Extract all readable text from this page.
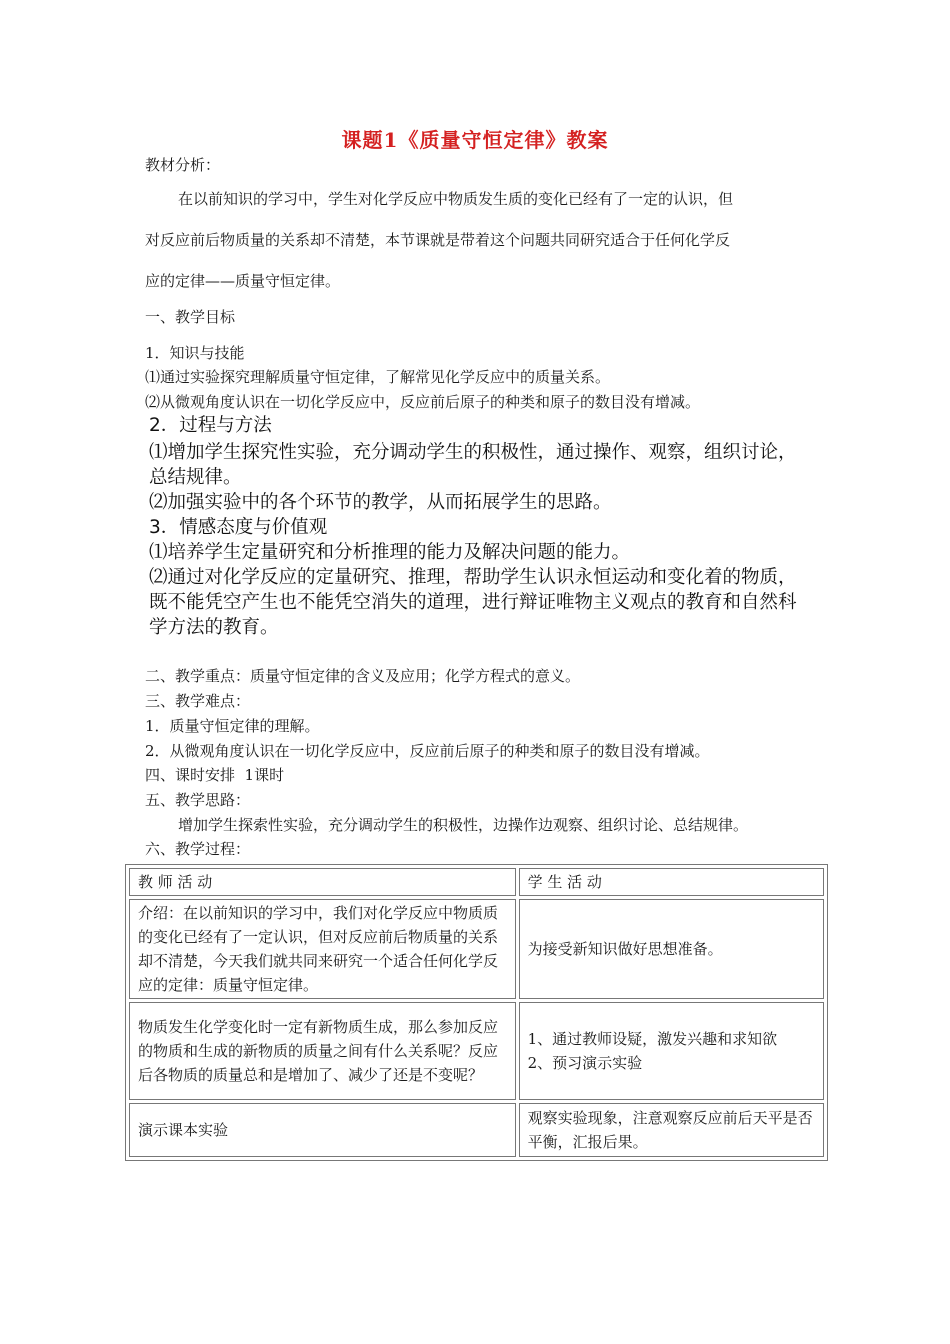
课题1《质量守恒定律》教案
教材分析：
在以前知识的学习中，学生对化学反应中物质发生质的变化已经有了一定的认识，但
对反应前后物质量的关系却不清楚，本节课就是带着这个问题共同研究适合于任何化学反
应的定律——质量守恒定律。
一、教学目标
1．知识与技能
⑴通过实验探究理解质量守恒定律，了解常见化学反应中的质量关系。
⑵从微观角度认识在一切化学反应中，反应前后原子的种类和原子的数目没有增减。
2．过程与方法
⑴增加学生探究性实验，充分调动学生的积极性，通过操作、观察，组织讨论，
总结规律。
⑵加强实验中的各个环节的教学，从而拓展学生的思路。
3．情感态度与价值观
⑴培养学生定量研究和分析推理的能力及解决问题的能力。
⑵通过对化学反应的定量研究、推理，帮助学生认识永恒运动和变化着的物质，
既不能凭空产生也不能凭空消失的道理，进行辩证唯物主义观点的教育和自然科
学方法的教育。
二、教学重点：质量守恒定律的含义及应用；化学方程式的意义。
三、教学难点：
1．质量守恒定律的理解。
2．从微观角度认识在一切化学反应中，反应前后原子的种类和原子的数目没有增减。
四、课时安排  1课时
五、教学思路：
增加学生探索性实验，充分调动学生的积极性，边操作边观察、组织讨论、总结规律。
六、教学过程：
教 师 活 动	学 生 活 动
介绍：在以前知识的学习中，我们对化学反应中物质质的变化已经有了一定认识，但对反应前后物质量的关系却不清楚，今天我们就共同来研究一个适合任何化学反应的定律：质量守恒定律。	为接受新知识做好思想准备。
物质发生化学变化时一定有新物质生成，那么参加反应的物质和生成的新物质的质量之间有什么关系呢？反应后各物质的质量总和是增加了、减少了还是不变呢？	1、通过教师设疑，激发兴趣和求知欲
2、预习演示实验

演示课本实验	观察实验现象，注意观察反应前后天平是否平衡，汇报后果。
